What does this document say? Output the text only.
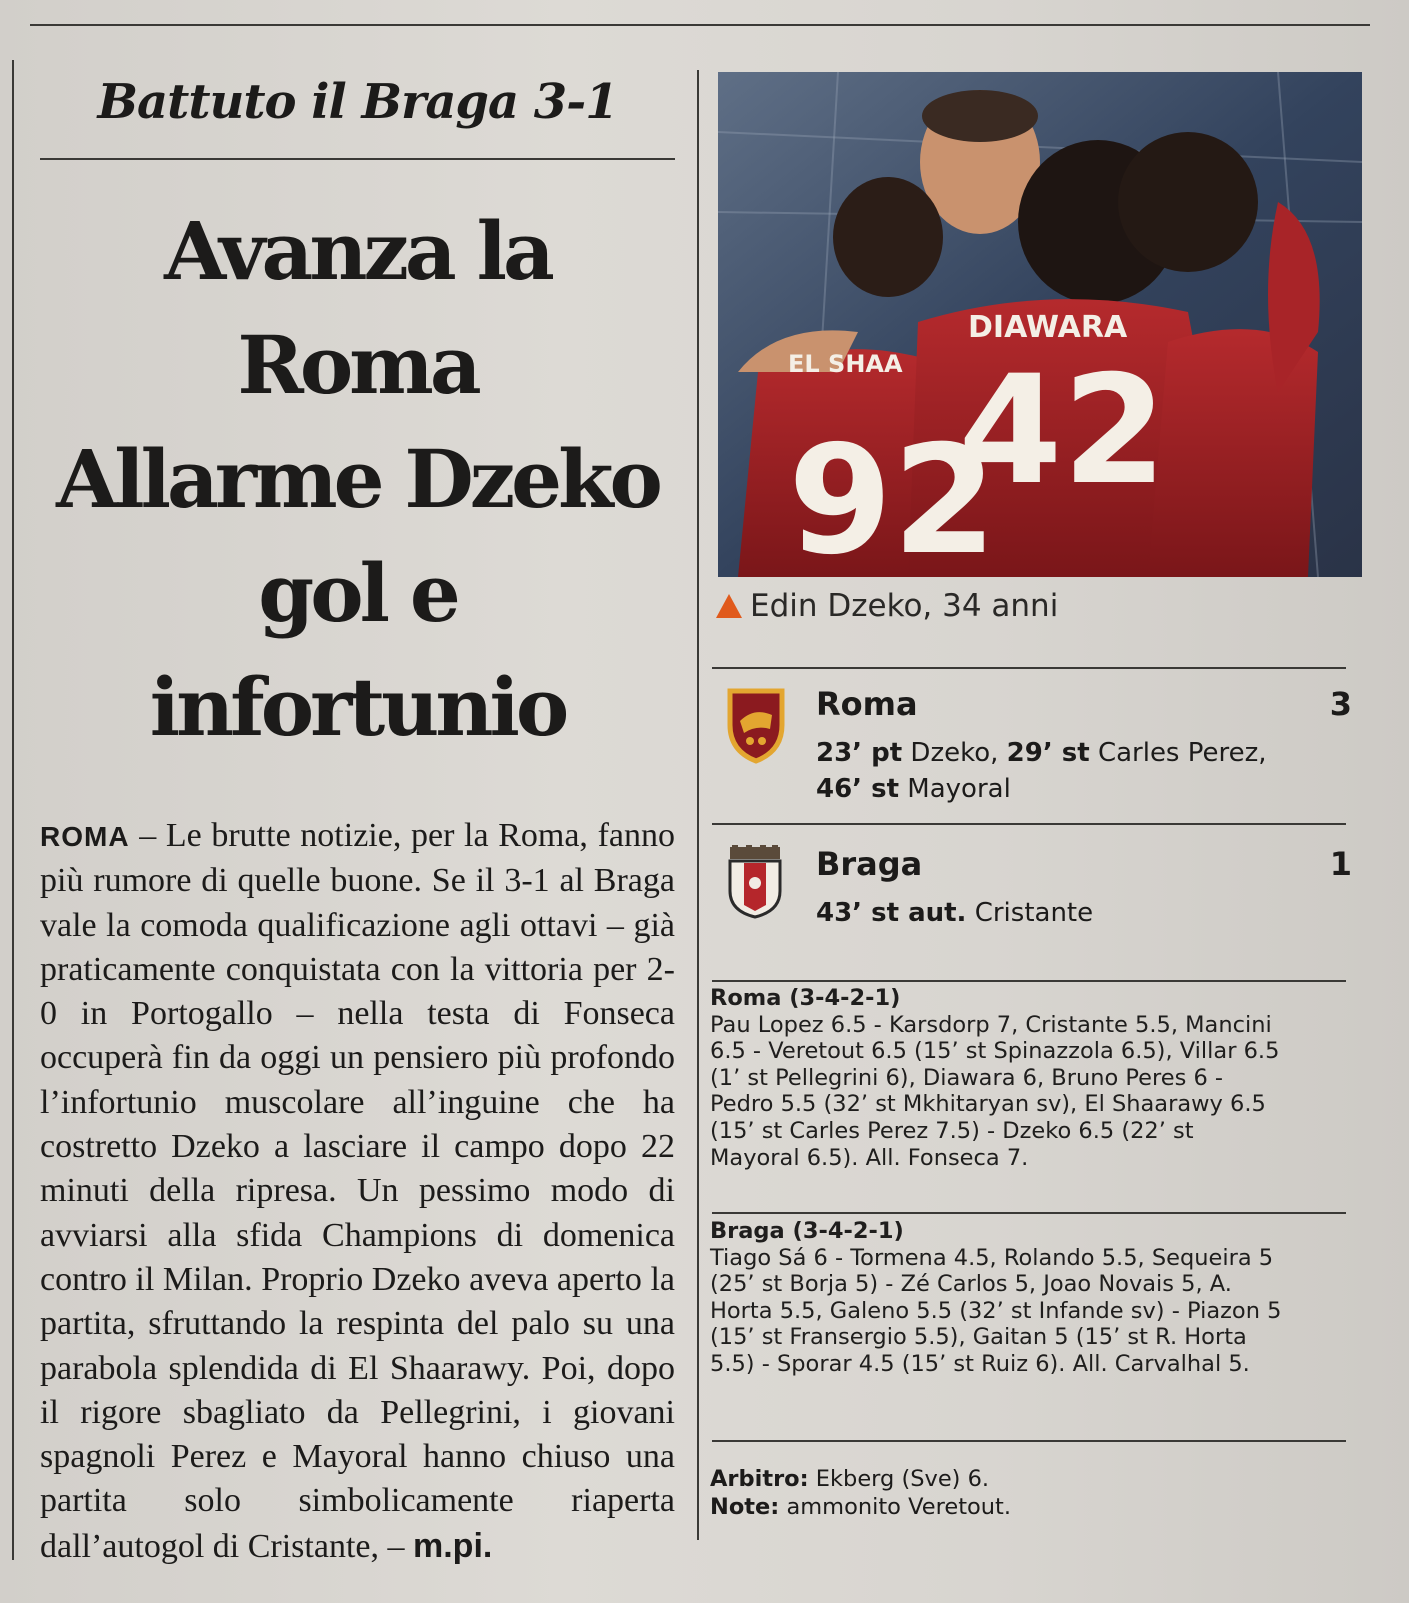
Battuto il Braga 3-1
Avanza la Roma
Allarme Dzeko
gol e infortunio
ROMA – Le brutte notizie, per la Roma, fanno più rumore di quelle buone. Se il 3-1 al Braga vale la comoda qualificazione agli ottavi – già praticamente conquistata con la vittoria per 2-0 in Portogallo – nella testa di Fonseca occuperà fin da oggi un pensiero più profondo l’infortunio muscolare all’inguine che ha costretto Dzeko a lasciare il campo dopo 22 minuti della ripresa. Un pessimo modo di avviarsi alla sfida Champions di domenica contro il Milan. Proprio Dzeko aveva aperto la partita, sfruttando la respinta del palo su una parabola splendida di El Shaarawy. Poi, dopo il rigore sbagliato da Pellegrini, i giovani spagnoli Perez e Mayoral hanno chiuso una partita solo simbolicamente riaperta dall’autogol di Cristante, – m.pi.
EL SHAA
DIAWARA
92
42
Edin Dzeko, 34 anni
Roma	3
23’ pt Dzeko, 29’ st Carles Perez,
46’ st Mayoral
Braga	1
43’ st aut. Cristante
Roma (3-4-2-1)
Pau Lopez 6.5 - Karsdorp 7, Cristante 5.5, Mancini
6.5 - Veretout 6.5 (15’ st Spinazzola 6.5), Villar 6.5
(1’ st Pellegrini 6), Diawara 6, Bruno Peres 6 -
Pedro 5.5 (32’ st Mkhitaryan sv), El Shaarawy 6.5
(15’ st Carles Perez 7.5) - Dzeko 6.5 (22’ st
Mayoral 6.5). All. Fonseca 7.
Braga (3-4-2-1)
Tiago Sá 6 - Tormena 4.5, Rolando 5.5, Sequeira 5
(25’ st Borja 5) - Zé Carlos 5, Joao Novais 5, A.
Horta 5.5, Galeno 5.5 (32’ st Infande sv) - Piazon 5
(15’ st Fransergio 5.5), Gaitan 5 (15’ st R. Horta
5.5) - Sporar 4.5 (15’ st Ruiz 6). All. Carvalhal 5.
Arbitro: Ekberg (Sve) 6.
Note: ammonito Veretout.
